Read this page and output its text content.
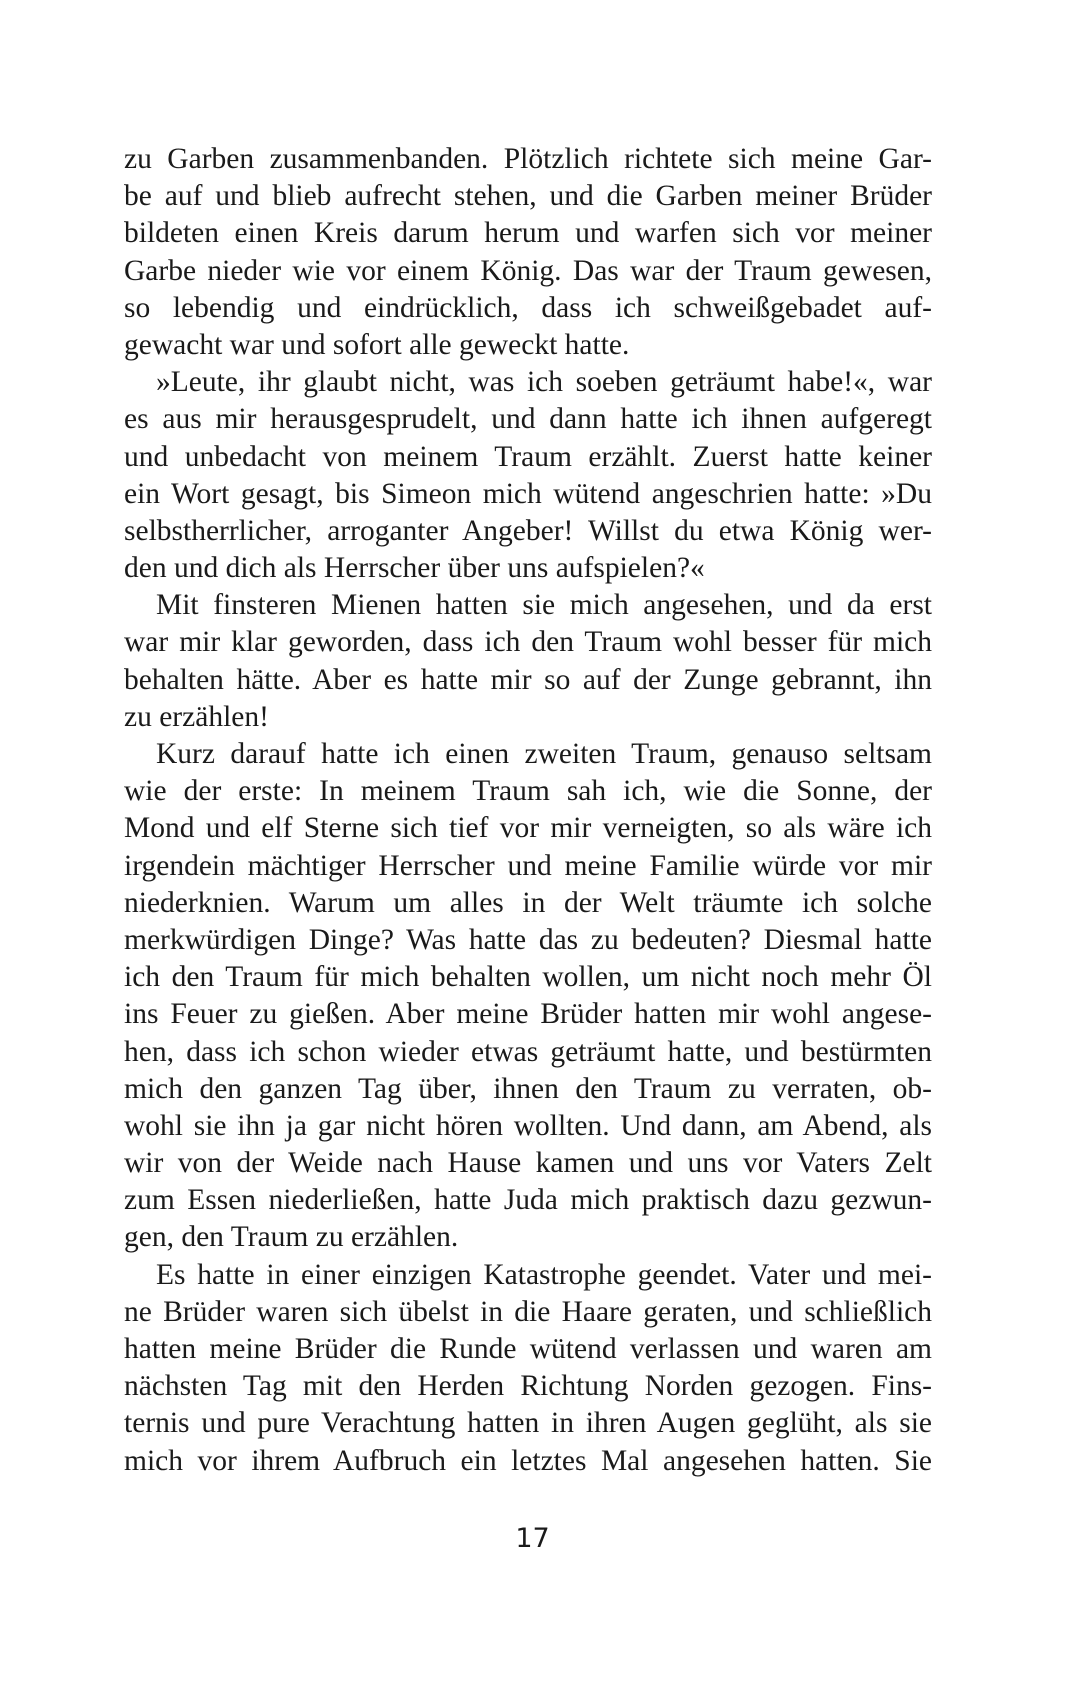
zu Garben zusammenbanden. Plötzlich richtete sich meine Gar-
be auf und blieb aufrecht stehen, und die Garben meiner Brüder
bildeten einen Kreis darum herum und warfen sich vor meiner
Garbe nieder wie vor einem König. Das war der Traum gewesen,
so lebendig und eindrücklich, dass ich schweißgebadet auf-
gewacht war und sofort alle geweckt hatte.

»Leute, ihr glaubt nicht, was ich soeben geträumt habe!«, war
es aus mir herausgesprudelt, und dann hatte ich ihnen aufgeregt
und unbedacht von meinem Traum erzählt. Zuerst hatte keiner
ein Wort gesagt, bis Simeon mich wütend angeschrien hatte: »Du
selbstherrlicher, arroganter Angeber! Willst du etwa König wer-
den und dich als Herrscher über uns aufspielen?«

Mit finsteren Mienen hatten sie mich angesehen, und da erst
war mir klar geworden, dass ich den Traum wohl besser für mich
behalten hätte. Aber es hatte mir so auf der Zunge gebrannt, ihn
zu erzählen!

Kurz darauf hatte ich einen zweiten Traum, genauso seltsam
wie der erste: In meinem Traum sah ich, wie die Sonne, der
Mond und elf Sterne sich tief vor mir verneigten, so als wäre ich
irgendein mächtiger Herrscher und meine Familie würde vor mir
niederknien. Warum um alles in der Welt träumte ich solche
merkwürdigen Dinge? Was hatte das zu bedeuten? Diesmal hatte
ich den Traum für mich behalten wollen, um nicht noch mehr Öl
ins Feuer zu gießen. Aber meine Brüder hatten mir wohl angese-
hen, dass ich schon wieder etwas geträumt hatte, und bestürmten
mich den ganzen Tag über, ihnen den Traum zu verraten, ob-
wohl sie ihn ja gar nicht hören wollten. Und dann, am Abend, als
wir von der Weide nach Hause kamen und uns vor Vaters Zelt
zum Essen niederließen, hatte Juda mich praktisch dazu gezwun-
gen, den Traum zu erzählen.

Es hatte in einer einzigen Katastrophe geendet. Vater und mei-
ne Brüder waren sich übelst in die Haare geraten, und schließlich
hatten meine Brüder die Runde wütend verlassen und waren am
nächsten Tag mit den Herden Richtung Norden gezogen. Fins-
ternis und pure Verachtung hatten in ihren Augen geglüht, als sie
mich vor ihrem Aufbruch ein letztes Mal angesehen hatten. Sie

17
